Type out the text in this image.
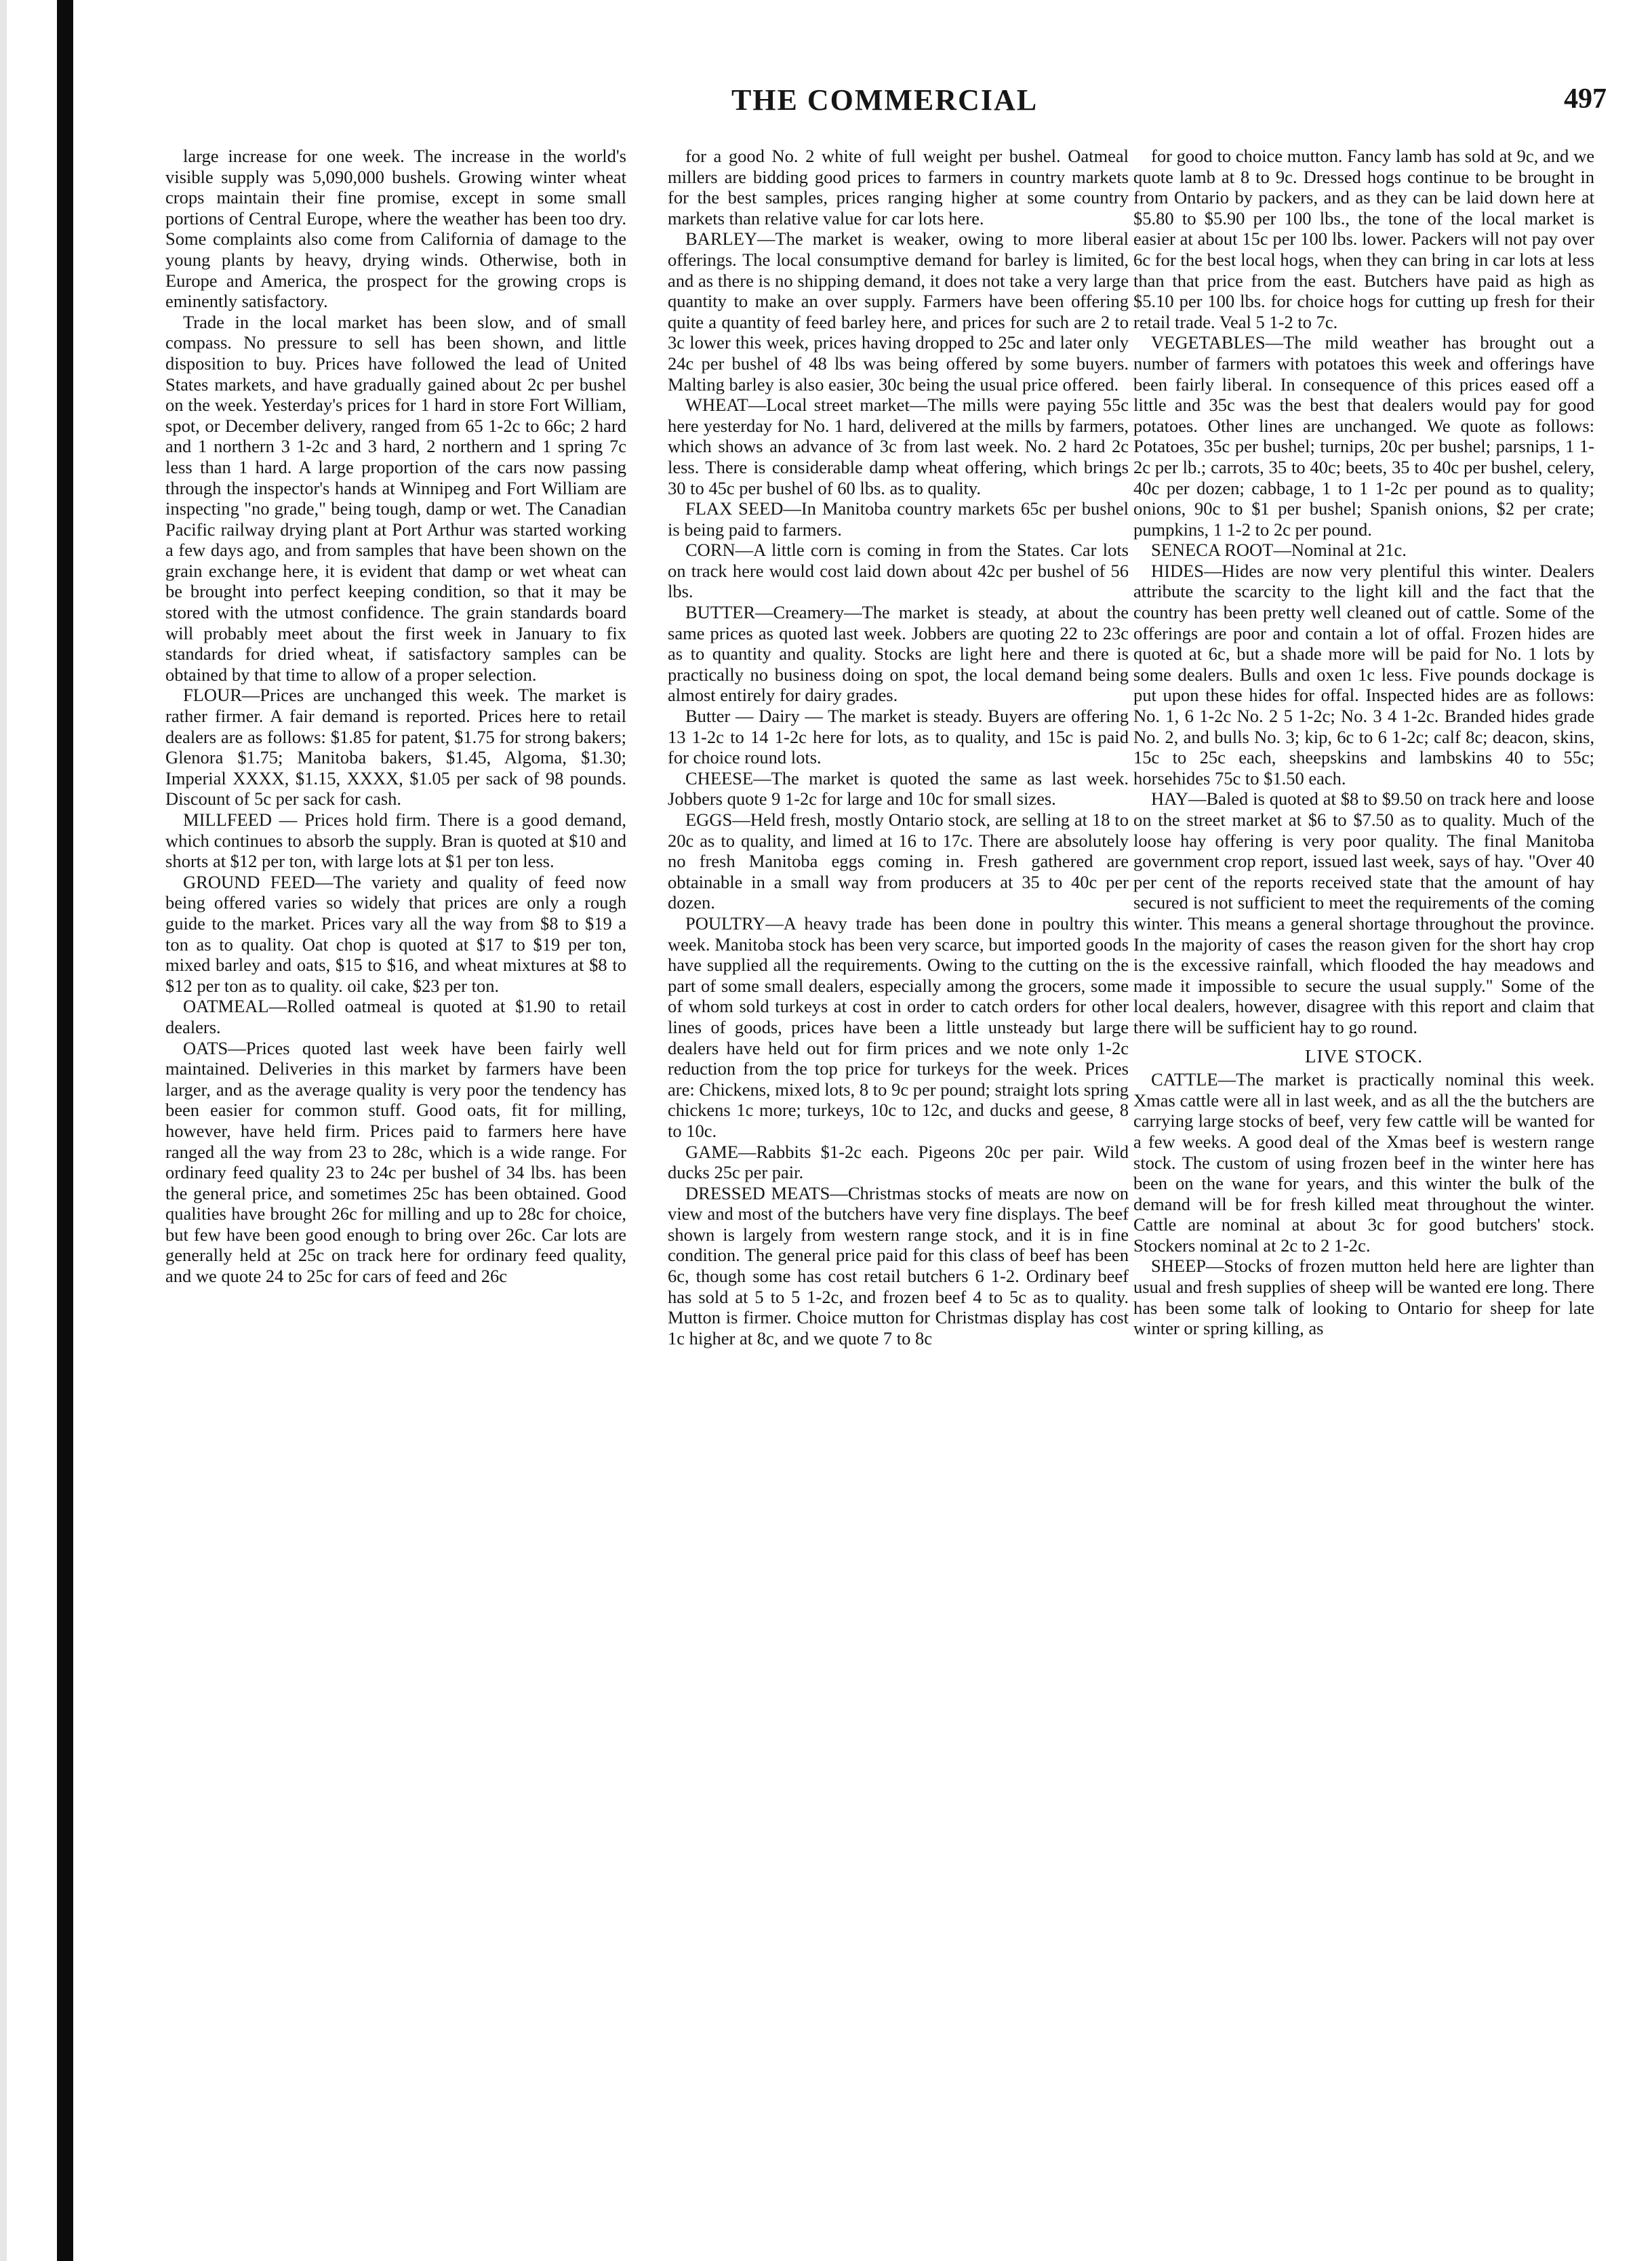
THE COMMERCIAL	497

large increase for one week. The increase in the world's visible supply was 5,090,000 bushels. Growing winter wheat crops maintain their fine promise, except in some small portions of Central Europe, where the weather has been too dry. Some complaints also come from California of damage to the young plants by heavy, drying winds. Otherwise, both in Europe and America, the prospect for the growing crops is eminently satisfactory.

Trade in the local market has been slow, and of small compass. No pressure to sell has been shown, and little disposition to buy. Prices have followed the lead of United States markets, and have gradually gained about 2c per bushel on the week. Yesterday's prices for 1 hard in store Fort William, spot, or December delivery, ranged from 65 1-2c to 66c; 2 hard and 1 northern 3 1-2c and 3 hard, 2 northern and 1 spring 7c less than 1 hard. A large proportion of the cars now passing through the inspector's hands at Winnipeg and Fort William are inspecting "no grade," being tough, damp or wet. The Canadian Pacific railway drying plant at Port Arthur was started working a few days ago, and from samples that have been shown on the grain exchange here, it is evident that damp or wet wheat can be brought into perfect keeping condition, so that it may be stored with the utmost confidence. The grain standards board will probably meet about the first week in January to fix standards for dried wheat, if satisfactory samples can be obtained by that time to allow of a proper selection.

FLOUR—Prices are unchanged this week. The market is rather firmer. A fair demand is reported. Prices here to retail dealers are as follows: $1.85 for patent, $1.75 for strong bakers; Glenora $1.75; Manitoba bakers, $1.45, Algoma, $1.30; Imperial XXXX, $1.15, XXXX, $1.05 per sack of 98 pounds. Discount of 5c per sack for cash.

MILLFEED — Prices hold firm. There is a good demand, which continues to absorb the supply. Bran is quoted at $10 and shorts at $12 per ton, with large lots at $1 per ton less.

GROUND FEED—The variety and quality of feed now being offered varies so widely that prices are only a rough guide to the market. Prices vary all the way from $8 to $19 a ton as to quality. Oat chop is quoted at $17 to $19 per ton, mixed barley and oats, $15 to $16, and wheat mixtures at $8 to $12 per ton as to quality. oil cake, $23 per ton.

OATMEAL—Rolled oatmeal is quoted at $1.90 to retail dealers.

OATS—Prices quoted last week have been fairly well maintained. Deliveries in this market by farmers have been larger, and as the average quality is very poor the tendency has been easier for common stuff. Good oats, fit for milling, however, have held firm. Prices paid to farmers here have ranged all the way from 23 to 28c, which is a wide range. For ordinary feed quality 23 to 24c per bushel of 34 lbs. has been the general price, and sometimes 25c has been obtained. Good qualities have brought 26c for milling and up to 28c for choice, but few have been good enough to bring over 26c. Car lots are generally held at 25c on track here for ordinary feed quality, and we quote 24 to 25c for cars of feed and 26c

for a good No. 2 white of full weight per bushel. Oatmeal millers are bidding good prices to farmers in country markets for the best samples, prices ranging higher at some country markets than relative value for car lots here.

BARLEY—The market is weaker, owing to more liberal offerings. The local consumptive demand for barley is limited, and as there is no shipping demand, it does not take a very large quantity to make an over supply. Farmers have been offering quite a quantity of feed barley here, and prices for such are 2 to 3c lower this week, prices having dropped to 25c and later only 24c per bushel of 48 lbs was being offered by some buyers. Malting barley is also easier, 30c being the usual price offered.

WHEAT—Local street market—The mills were paying 55c here yesterday for No. 1 hard, delivered at the mills by farmers, which shows an advance of 3c from last week. No. 2 hard 2c less. There is considerable damp wheat offering, which brings 30 to 45c per bushel of 60 lbs. as to quality.

FLAX SEED—In Manitoba country markets 65c per bushel is being paid to farmers.

CORN—A little corn is coming in from the States. Car lots on track here would cost laid down about 42c per bushel of 56 lbs.

BUTTER—Creamery—The market is steady, at about the same prices as quoted last week. Jobbers are quoting 22 to 23c as to quantity and quality. Stocks are light here and there is practically no business doing on spot, the local demand being almost entirely for dairy grades.

Butter — Dairy — The market is steady. Buyers are offering 13 1-2c to 14 1-2c here for lots, as to quality, and 15c is paid for choice round lots.

CHEESE—The market is quoted the same as last week. Jobbers quote 9 1-2c for large and 10c for small sizes.

EGGS—Held fresh, mostly Ontario stock, are selling at 18 to 20c as to quality, and limed at 16 to 17c. There are absolutely no fresh Manitoba eggs coming in. Fresh gathered are obtainable in a small way from producers at 35 to 40c per dozen.

POULTRY—A heavy trade has been done in poultry this week. Manitoba stock has been very scarce, but imported goods have supplied all the requirements. Owing to the cutting on the part of some small dealers, especially among the grocers, some of whom sold turkeys at cost in order to catch orders for other lines of goods, prices have been a little unsteady but large dealers have held out for firm prices and we note only 1-2c reduction from the top price for turkeys for the week. Prices are: Chickens, mixed lots, 8 to 9c per pound; straight lots spring chickens 1c more; turkeys, 10c to 12c, and ducks and geese, 8 to 10c.

GAME—Rabbits $1-2c each. Pigeons 20c per pair. Wild ducks 25c per pair.

DRESSED MEATS—Christmas stocks of meats are now on view and most of the butchers have very fine displays. The beef shown is largely from western range stock, and it is in fine condition. The general price paid for this class of beef has been 6c, though some has cost retail butchers 6 1-2. Ordinary beef has sold at 5 to 5 1-2c, and frozen beef 4 to 5c as to quality. Mutton is firmer. Choice mutton for Christmas display has cost 1c higher at 8c, and we quote 7 to 8c

for good to choice mutton. Fancy lamb has sold at 9c, and we quote lamb at 8 to 9c. Dressed hogs continue to be brought in from Ontario by packers, and as they can be laid down here at $5.80 to $5.90 per 100 lbs., the tone of the local market is easier at about 15c per 100 lbs. lower. Packers will not pay over 6c for the best local hogs, when they can bring in car lots at less than that price from the east. Butchers have paid as high as $5.10 per 100 lbs. for choice hogs for cutting up fresh for their retail trade. Veal 5 1-2 to 7c.

VEGETABLES—The mild weather has brought out a number of farmers with potatoes this week and offerings have been fairly liberal. In consequence of this prices eased off a little and 35c was the best that dealers would pay for good potatoes. Other lines are unchanged. We quote as follows: Potatoes, 35c per bushel; turnips, 20c per bushel; parsnips, 1 1-2c per lb.; carrots, 35 to 40c; beets, 35 to 40c per bushel, celery, 40c per dozen; cabbage, 1 to 1 1-2c per pound as to quality; onions, 90c to $1 per bushel; Spanish onions, $2 per crate; pumpkins, 1 1-2 to 2c per pound.

SENECA ROOT—Nominal at 21c.

HIDES—Hides are now very plentiful this winter. Dealers attribute the scarcity to the light kill and the fact that the country has been pretty well cleaned out of cattle. Some of the offerings are poor and contain a lot of offal. Frozen hides are quoted at 6c, but a shade more will be paid for No. 1 lots by some dealers. Bulls and oxen 1c less. Five pounds dockage is put upon these hides for offal. Inspected hides are as follows: No. 1, 6 1-2c No. 2 5 1-2c; No. 3 4 1-2c. Branded hides grade No. 2, and bulls No. 3; kip, 6c to 6 1-2c; calf 8c; deacon, skins, 15c to 25c each, sheepskins and lambskins 40 to 55c; horsehides 75c to $1.50 each.

HAY—Baled is quoted at $8 to $9.50 on track here and loose on the street market at $6 to $7.50 as to quality. Much of the loose hay offering is very poor quality. The final Manitoba government crop report, issued last week, says of hay. "Over 40 per cent of the reports received state that the amount of hay secured is not sufficient to meet the requirements of the coming winter. This means a general shortage throughout the province. In the majority of cases the reason given for the short hay crop is the excessive rainfall, which flooded the hay meadows and made it impossible to secure the usual supply." Some of the local dealers, however, disagree with this report and claim that there will be sufficient hay to go round.

LIVE STOCK.

CATTLE—The market is practically nominal this week. Xmas cattle were all in last week, and as all the the butchers are carrying large stocks of beef, very few cattle will be wanted for a few weeks. A good deal of the Xmas beef is western range stock. The custom of using frozen beef in the winter here has been on the wane for years, and this winter the bulk of the demand will be for fresh killed meat throughout the winter. Cattle are nominal at about 3c for good butchers' stock. Stockers nominal at 2c to 2 1-2c.

SHEEP—Stocks of frozen mutton held here are lighter than usual and fresh supplies of sheep will be wanted ere long. There has been some talk of looking to Ontario for sheep for late winter or spring killing, as
